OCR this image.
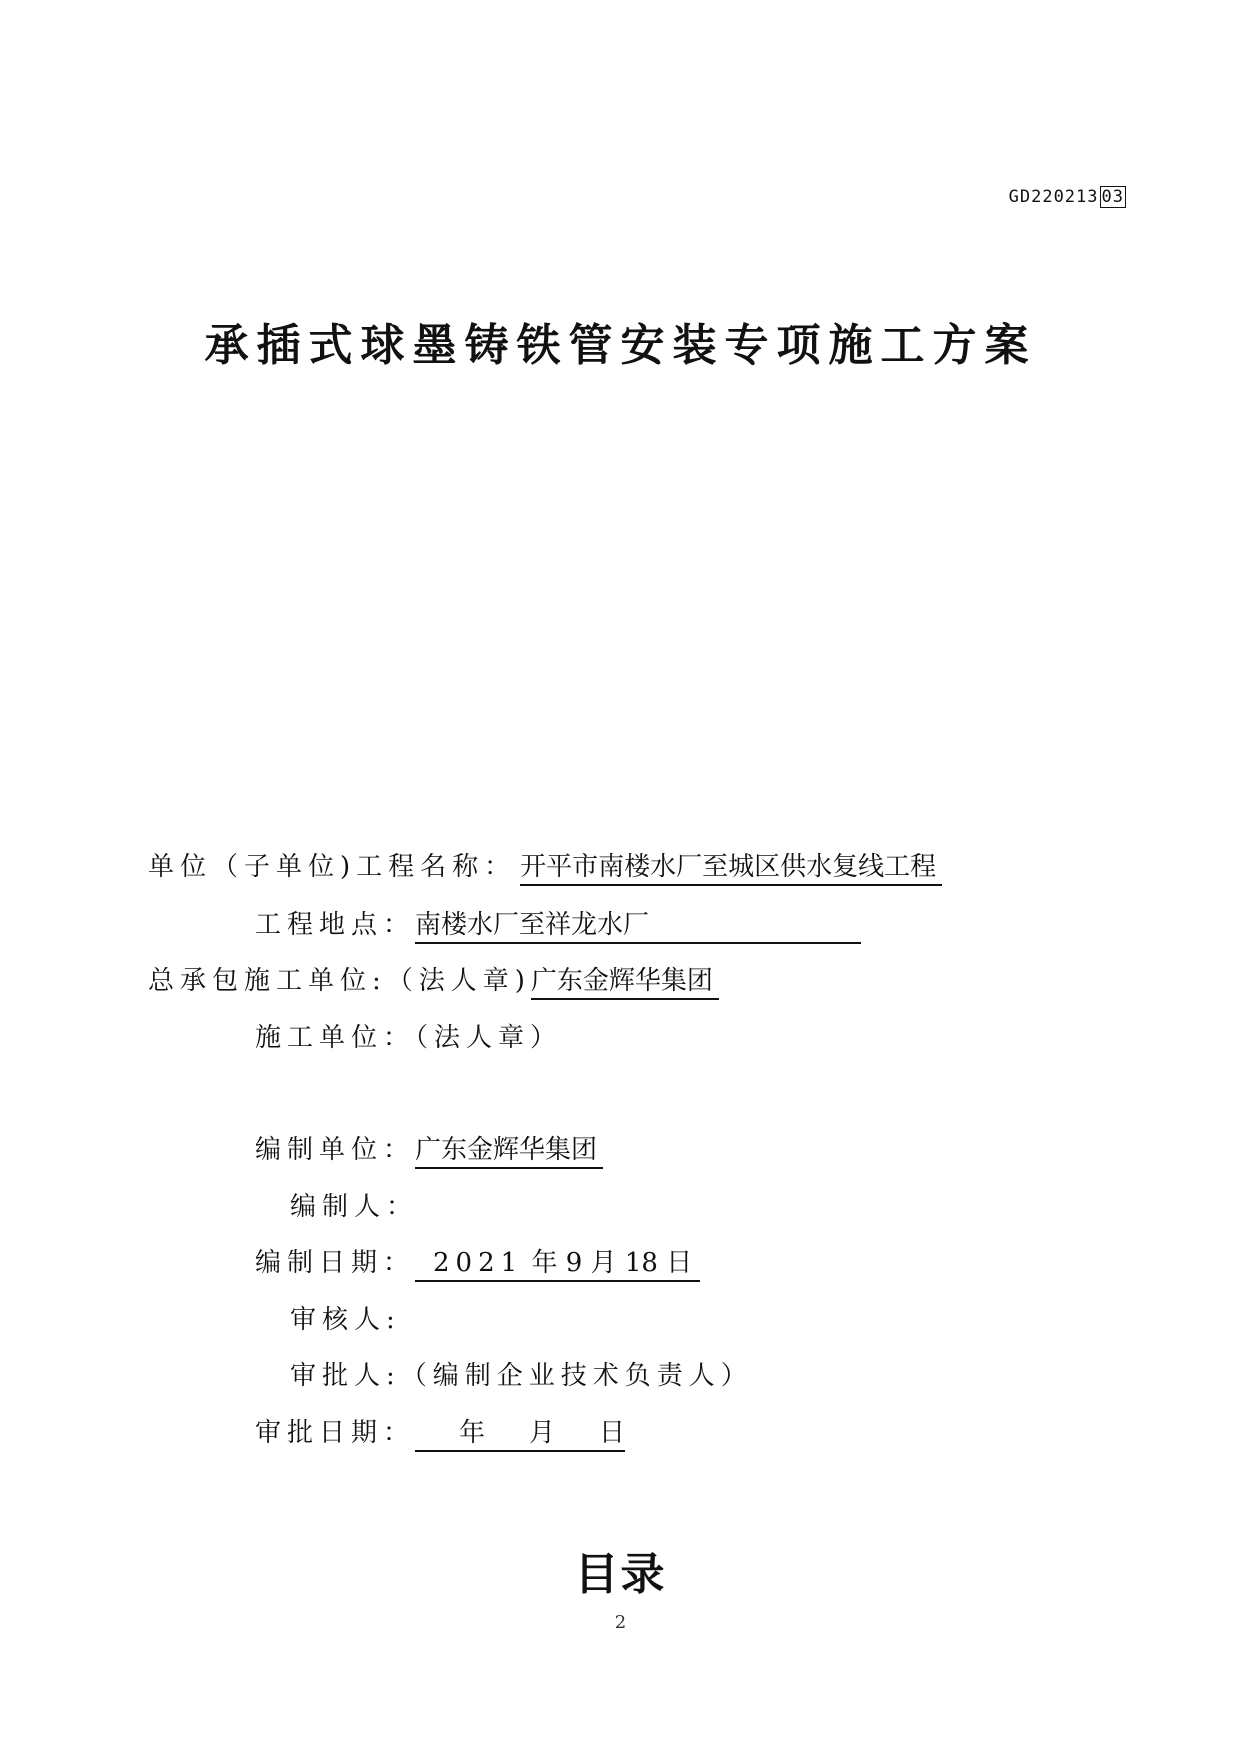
GD220213 03
承插式球墨铸铁管安装专项施工方案
单位（子单位)工程名称： 开平市南楼水厂至城区供水复线工程
工程地点：南楼水厂至祥龙水厂
总承包施工单位:（法人章)广东金辉华集团
施工单位：（法人章）
编制单位：广东金辉华集团
编制人：
编制日期： 2021 年 9 月 18 日
审核人:
审批人:（编制企业技术负责人）
审批日期： 年 月 日
目录
2
